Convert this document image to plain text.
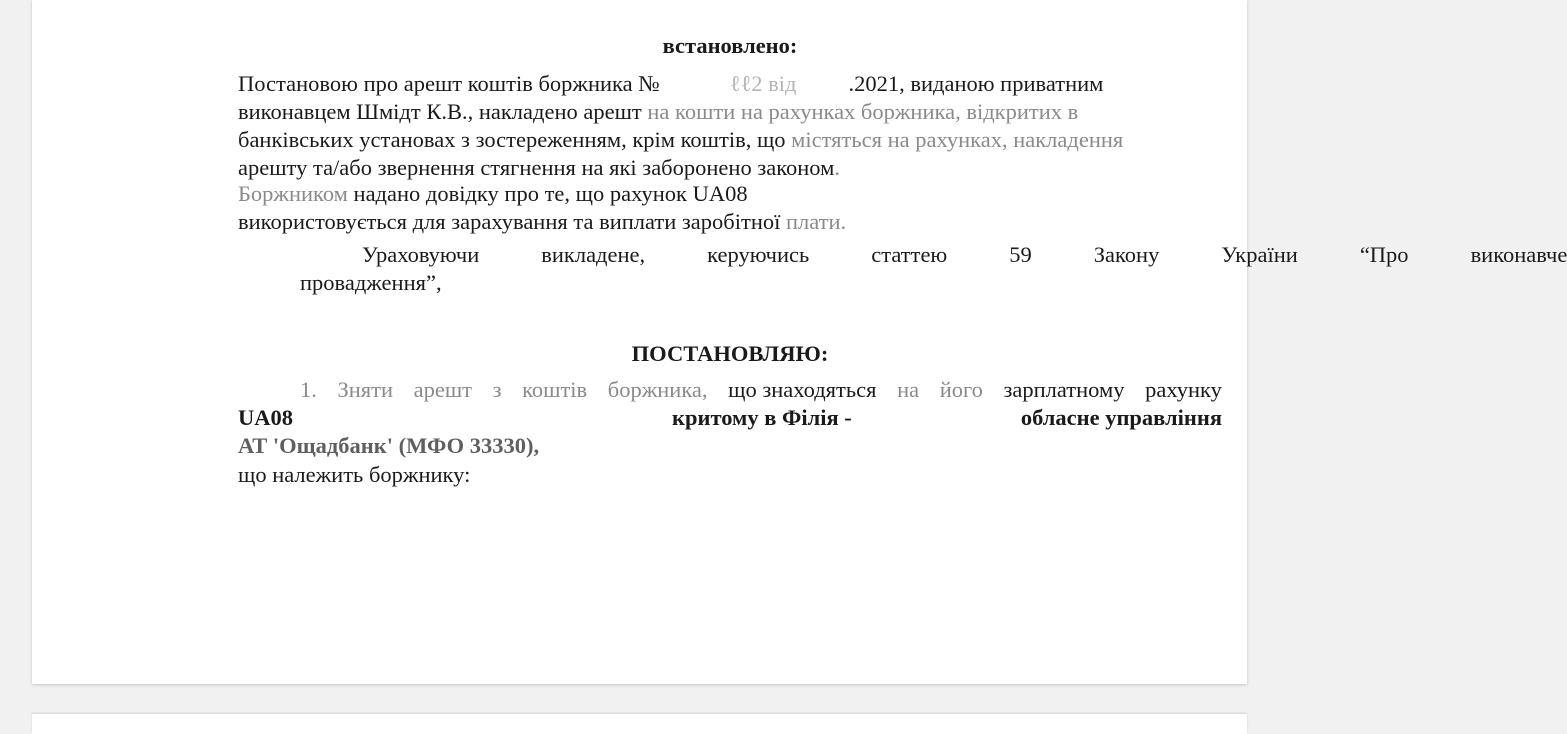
встановлено:

Постановою про арешт коштів боржника №	ℓℓ2 від .2021, виданою приватним
виконавцем Шмідт К.В., накладено арешт на кошти на рахунках боржника, відкритих в
банківських установах з зостереженням, крім коштів, що містяться на рахунках, накладення
арешту та/або звернення стягнення на які заборонено законом.

Боржником надано довідку про те, що рахунок UA08
використовується для зарахування та виплати заробітної плати.

Ураховуючи	викладене,	керуючись	статтею	59	Закону	України	“Про	виконавче
провадження”,

ПОСТАНОВЛЯЮ:

1. Зняти арешт з коштів боржника, що знаходяться на його зарплатному рахунку
UA08	критому в Філія -	обласне управління
АТ 'Ощадбанк' (МФО 33330),

що належить боржнику:
